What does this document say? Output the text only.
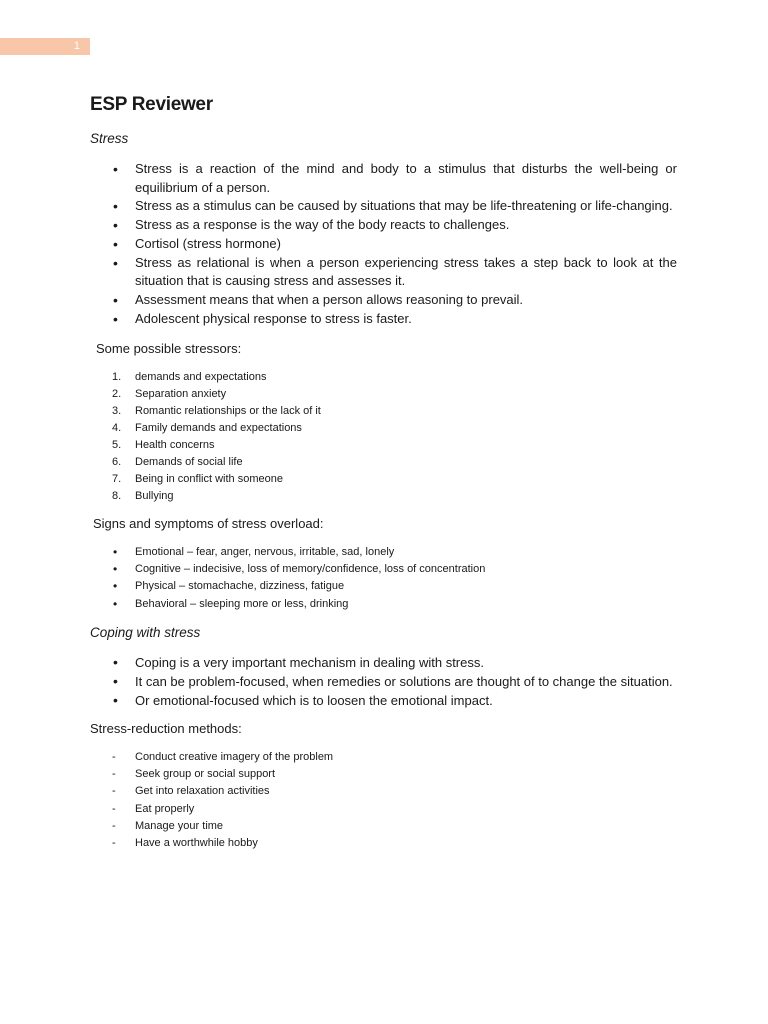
1
ESP Reviewer

Stress

• Stress is a reaction of the mind and body to a stimulus that disturbs the well-being or equilibrium of a person.
• Stress as a stimulus can be caused by situations that may be life-threatening or life-changing.
• Stress as a response is the way of the body reacts to challenges.
• Cortisol (stress hormone)
• Stress as relational is when a person experiencing stress takes a step back to look at the situation that is causing stress and assesses it.
• Assessment means that when a person allows reasoning to prevail.
• Adolescent physical response to stress is faster.

Some possible stressors:

1.	demands and expectations
2.	Separation anxiety
3.	Romantic relationships or the lack of it
4.	Family demands and expectations
5.	Health concerns
6.	Demands of social life
7.	Being in conflict with someone
8.	Bullying

Signs and symptoms of stress overload:

• Emotional – fear, anger, nervous, irritable, sad, lonely
• Cognitive – indecisive, loss of memory/confidence, loss of concentration
• Physical – stomachache, dizziness, fatigue
• Behavioral – sleeping more or less, drinking

Coping with stress

• Coping is a very important mechanism in dealing with stress.
• It can be problem-focused, when remedies or solutions are thought of to change the situation.
• Or emotional-focused which is to loosen the emotional impact.

Stress-reduction methods:

- Conduct creative imagery of the problem
- Seek group or social support
- Get into relaxation activities
- Eat properly
- Manage your time
- Have a worthwhile hobby
